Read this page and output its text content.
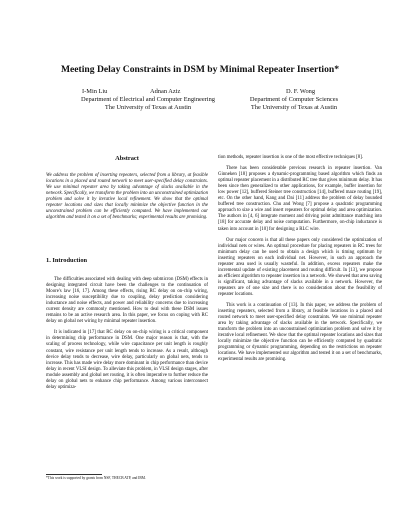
Meeting Delay Constraints in DSM by Minimal Repeater Insertion*
I-Min Liu	Adnan Aziz	D. F. Wong
Department of Electrical and Computer Engineering
The University of Texas at Austin
Department of Computer Sciences
The University of Texas at Austin
Abstract
We address the problem of inserting repeaters, selected from a library, at feasible locations in a placed and routed network to meet user-specified delay constraints. We use minimal repeater area by taking advantage of slacks available in the network. Specifically, we transform the problem into an unconstrained optimization problem and solve it by iterative local refinement. We show that the optimal repeater locations and sizes that locally minimize the objective function in the unconstrained problem can be efficiently computed. We have implemented our algorithm and tested it on a set of benchmarks; experimental results are promising.
1. Introduction

The difficulties associated with dealing with deep submicron (DSM) effects in designing integrated circuit have been the challenges to the continuation of Moore's law [16, 17]. Among these effects, rising RC delay on on-chip wiring, increasing noise susceptibility due to coupling, delay prediction considering inductance and noise effects, and power and reliability concerns due to increasing current density are commonly mentioned. How to deal with these DSM issues remains to be an active research area. In this paper, we focus on coping with RC delay on global net wiring by minimal repeater insertion.

It is indicated in [17] that RC delay on on-chip wiring is a critical component in determining chip performance in DSM. One major reason is that, with the scaling of process technology, while wire capacitance per unit length is roughly constant, wire resistance per unit length tends to increase. As a result, although device delay tends to decrease, wire delay, particularly on global nets, tends to increase. This has made wire delay more dominant in chip performance than device delay in recent VLSI design. To alleviate this problem, in VLSI design stages, after module assembly and global net routing, it is often imperative to further reduce the delay on global nets to enhance chip performance. Among various interconnect delay optimiza-

tion methods, repeater insertion is one of the most effective techniques [8].

There has been considerable previous research in repeater insertion. Van Ginneken [18] proposes a dynamic-programming based algorithm which finds an optimal repeater placement in a distributed RC tree that gives minimum delay. It has been since then generalized to other applications, for example, buffer insertion for low power [12], buffered Steiner tree construction [14], buffered maze routing [19], etc. On the other hand, Kang and Dai [11] address the problem of delay bounded buffered tree construction. Chu and Wong [7] propose a quadratic programming approach to size a wire and insert repeaters for optimal delay and area optimization. The authors in [4, 6] integrate moment and driving point admittance matching into [18] for accurate delay and noise computation. Furthermore, on-chip inductance is taken into account in [10] for designing a RLC wire.

Our major concern is that all these papers only considered the optimization of individual nets or wires. An optimal procedure for placing repeaters in RC trees for minimum delay can be used to obtain a design which is timing optimum by inserting repeaters on each individual net. However, in such an approach the repeater area used is usually wasteful. In addition, excess repeaters make the incremental update of existing placement and routing difficult. In [13], we propose an efficient algorithm to repeater insertion in a network. We showed that area saving is significant, taking advantage of slacks available in a network. However, the repeaters are of one size and there is no consideration about the feasibility of repeater locations.

This work is a continuation of [13]. In this paper, we address the problem of inserting repeaters, selected from a library, at feasible locations in a placed and routed network to meet user-specified delay constraints. We use minimal repeater area by taking advantage of slacks available in the network. Specifically, we transform the problem into an unconstrained optimization problem and solve it by iterative local refinement. We show that the optimal repeater locations and sizes that locally minimize the objective function can be efficiently computed by quadratic programming or dynamic programming, depending on the restrictions on repeater locations. We have implemented our algorithm and tested it on a set of benchmarks, experimental results are promising.

*This work is supported by grants from NSF, THECB ATP, and IBM.
